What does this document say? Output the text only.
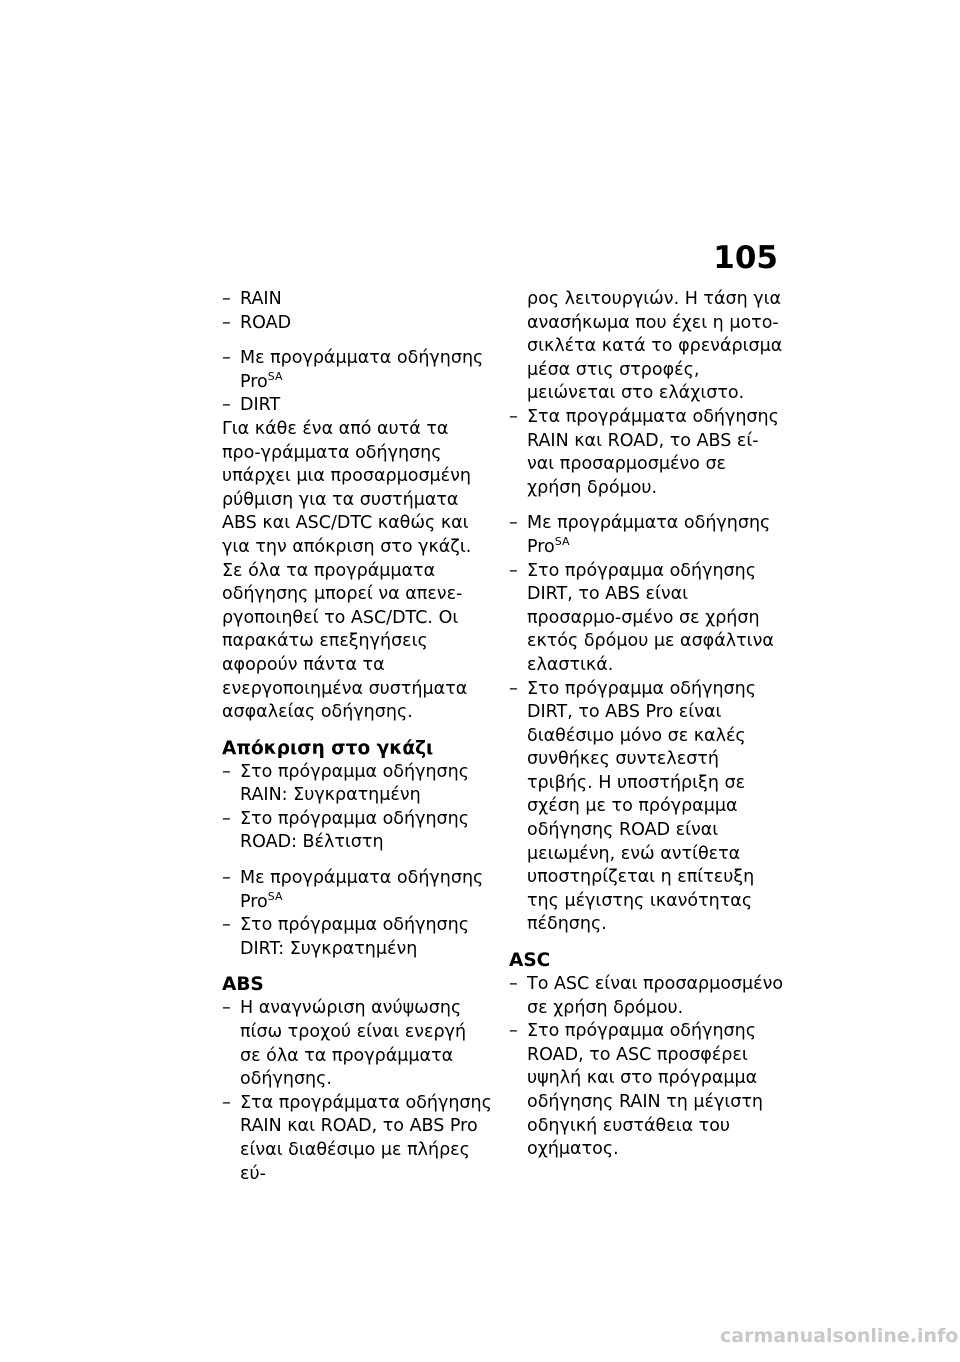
105
– RAIN
– ROAD
– Με προγράμματα οδήγησης Pro$^{SA}$
– DIRT

Για κάθε ένα από αυτά τα προ-γράμματα οδήγησης υπάρχει μια προσαρμοσμένη ρύθμιση για τα συστήματα ABS και ASC/DTC καθώς και για την απόκριση στο γκάζι.

Σε όλα τα προγράμματα οδήγησης μπορεί να απενε-ργοποιηθεί το ASC/DTC. Οι παρακάτω επεξηγήσεις αφορούν πάντα τα ενεργοποιημένα συστήματα ασφαλείας οδήγησης.

Απόκριση στο γκάζι
– Στο πρόγραμμα οδήγησης RAIN: Συγκρατημένη
– Στο πρόγραμμα οδήγησης ROAD: Βέλτιστη
– Με προγράμματα οδήγησης Pro$^{SA}$
– Στο πρόγραμμα οδήγησης DIRT: Συγκρατημένη
ABS
– Η αναγνώριση ανύψωσης πίσω τροχού είναι ενεργή σε όλα τα προγράμματα οδήγησης.
– Στα προγράμματα οδήγησης RAIN και ROAD, το ABS Pro είναι διαθέσιμο με πλήρες εύ-
ρος λειτουργιών. Η τάση για ανασήκωμα που έχει η μοτο-σικλέτα κατά το φρενάρισμα μέσα στις στροφές, μειώνεται στο ελάχιστο.
– Στα προγράμματα οδήγησης RAIN και ROAD, το ABS εί-ναι προσαρμοσμένο σε χρήση δρόμου.
– Με προγράμματα οδήγησης Pro$^{SA}$
– Στο πρόγραμμα οδήγησης DIRT, το ABS είναι προσαρμο-σμένο σε χρήση εκτός δρόμου με ασφάλτινα ελαστικά.
– Στο πρόγραμμα οδήγησης DIRT, το ABS Pro είναι διαθέσιμο μόνο σε καλές συνθήκες συντελεστή τριβής. Η υποστήριξη σε σχέση με το πρόγραμμα οδήγησης ROAD είναι μειωμένη, ενώ αντίθετα υποστηρίζεται η επίτευξη της μέγιστης ικανότητας πέδησης.
ASC
– Το ASC είναι προσαρμοσμένο σε χρήση δρόμου.
– Στο πρόγραμμα οδήγησης ROAD, το ASC προσφέρει υψηλή και στο πρόγραμμα οδήγησης RAIN τη μέγιστη οδηγική ευστάθεια του οχήματος.
carmanualsonline.info
